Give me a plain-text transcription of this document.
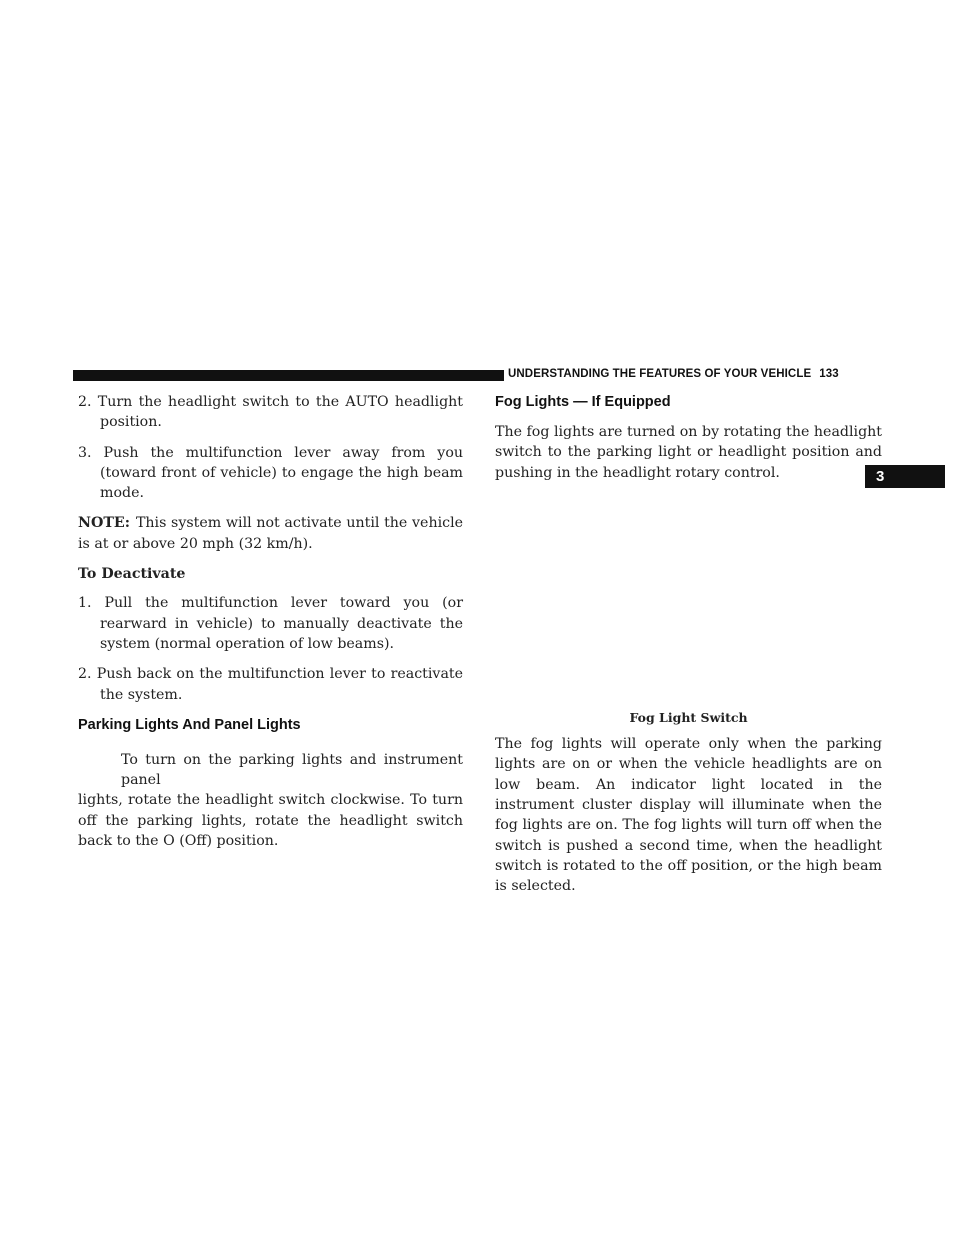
UNDERSTANDING THE FEATURES OF YOUR VEHICLE 133
3

2. Turn the headlight switch to the AUTO headlight position.

3. Push the multifunction lever away from you (toward front of vehicle) to engage the high beam mode.

NOTE: This system will not activate until the vehicle is at or above 20 mph (32 km/h).

To Deactivate

1. Pull the multifunction lever toward you (or rearward in vehicle) to manually deactivate the system (normal operation of low beams).

2. Push back on the multifunction lever to reactivate the system.

Parking Lights And Panel Lights

To turn on the parking lights and instrument panel
lights, rotate the headlight switch clockwise. To turn off the parking lights, rotate the headlight switch back to the O (Off) position.

Fog Lights — If Equipped

The fog lights are turned on by rotating the headlight switch to the parking light or headlight position and pushing in the headlight rotary control.

Fog Light Switch

The fog lights will operate only when the parking lights are on or when the vehicle headlights are on low beam. An indicator light located in the instrument cluster display will illuminate when the fog lights are on. The fog lights will turn off when the switch is pushed a second time, when the headlight switch is rotated to the off position, or the high beam is selected.
